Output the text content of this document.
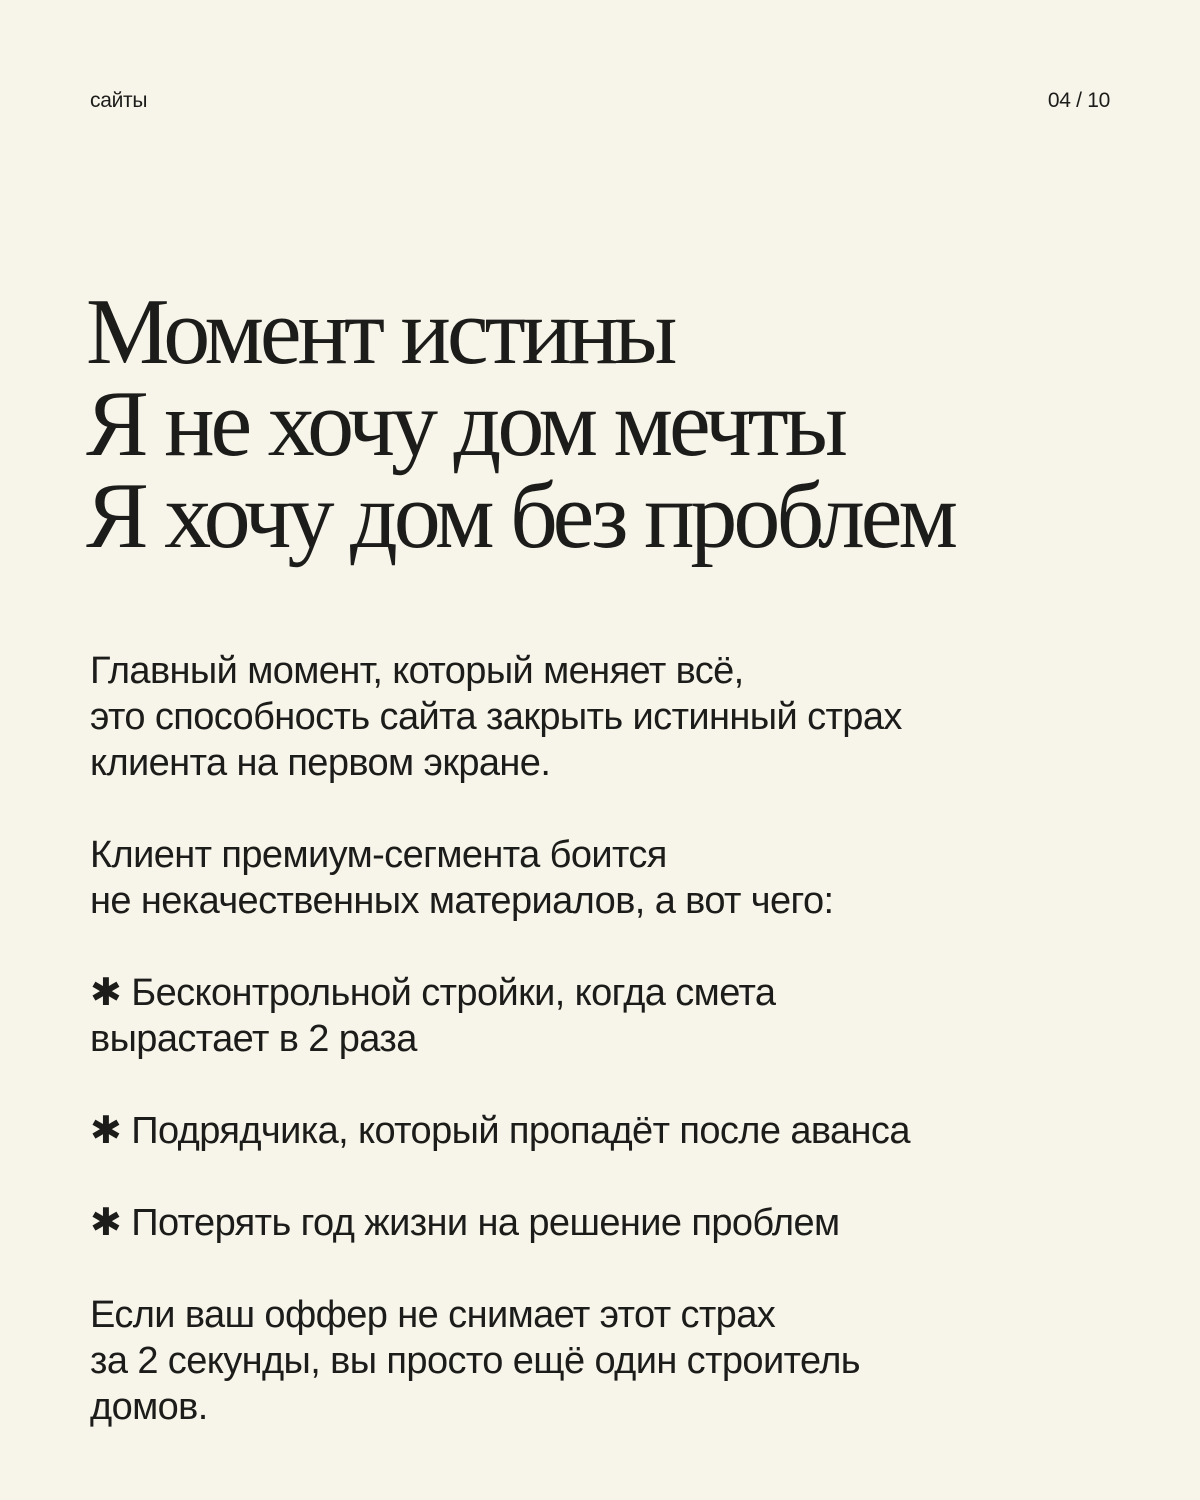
сайты	04 / 10
Момент истины
Я не хочу дом мечты
Я хочу дом без проблем

Главный момент, который меняет всё,
это способность сайта закрыть истинный страх
клиента на первом экране.

Клиент премиум-сегмента боится
не некачественных материалов, а вот чего:

✱ Бесконтрольной стройки, когда смета
вырастает в 2 раза
✱ Подрядчика, который пропадёт после аванса
✱ Потерять год жизни на решение проблем

Если ваш оффер не снимает этот страх
за 2 секунды, вы просто ещё один строитель
домов.
